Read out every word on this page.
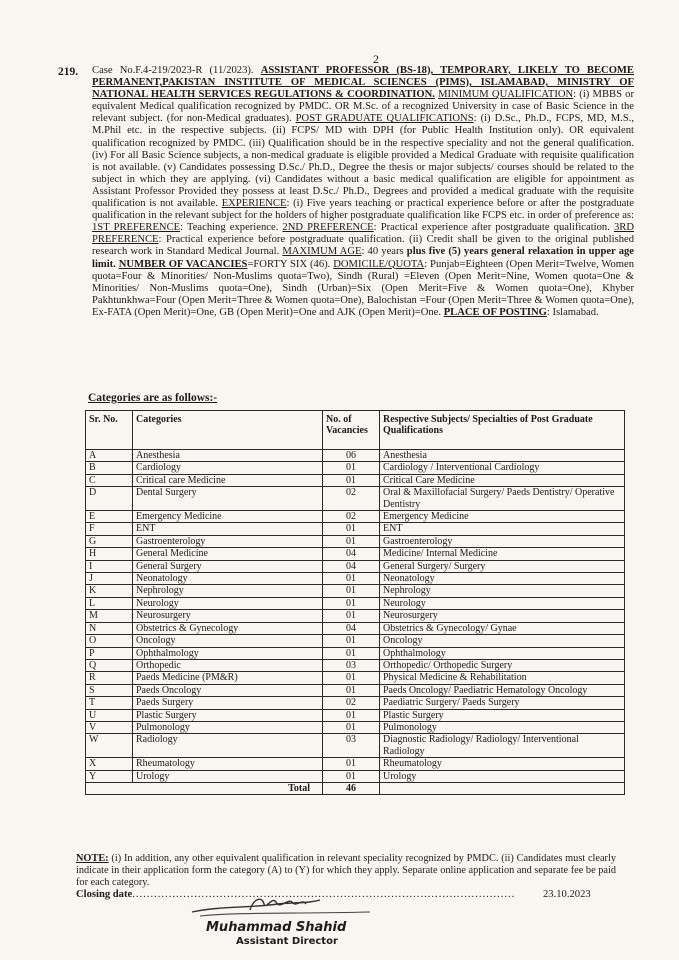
2
219. Case No.F.4-219/2023-R (11/2023). ASSISTANT PROFESSOR (BS-18), TEMPORARY, LIKELY TO BECOME PERMANENT,PAKISTAN INSTITUTE OF MEDICAL SCIENCES (PIMS), ISLAMABAD, MINISTRY OF NATIONAL HEALTH SERVICES REGULATIONS & COORDINATION. MINIMUM QUALIFICATION: (i) MBBS or equivalent Medical qualification recognized by PMDC. OR M.Sc. of a recognized University in case of Basic Science in the relevant subject. (for non-Medical graduates). POST GRADUATE QUALIFICATIONS: (i) D.Sc., Ph.D., FCPS, MD, M.S., M.Phil etc. in the respective subjects. (ii) FCPS/ MD with DPH (for Public Health Institution only). OR equivalent qualification recognized by PMDC. (iii) Qualification should be in the respective speciality and not the general qualification. (iv) For all Basic Science subjects, a non-medical graduate is eligible provided a Medical Graduate with requisite qualification is not available. (v) Candidates possessing D.Sc./ Ph.D., Degree the thesis or major subjects/ courses should be related to the subject in which they are applying. (vi) Candidates without a basic medical qualification are eligible for appointment as Assistant Professor Provided they possess at least D.Sc./ Ph.D., Degrees and provided a medical graduate with the requisite qualification is not available. EXPERIENCE: (i) Five years teaching or practical experience before or after the postgraduate qualification in the relevant subject for the holders of higher postgraduate qualification like FCPS etc. in order of preference as: 1ST PREFERENCE: Teaching experience. 2ND PREFERENCE: Practical experience after postgraduate qualification. 3RD PREFERENCE: Practical experience before postgraduate qualification. (ii) Credit shall be given to the original published research work in Standard Medical Journal. MAXIMUM AGE: 40 years plus five (5) years general relaxation in upper age limit. NUMBER OF VACANCIES=FORTY SIX (46). DOMICILE/QUOTA: Punjab=Eighteen (Open Merit=Twelve, Women quota=Four & Minorities/ Non-Muslims quota=Two), Sindh (Rural) =Eleven (Open Merit=Nine, Women quota=One & Minorities/ Non-Muslims quota=One), Sindh (Urban)=Six (Open Merit=Five & Women quota=One), Khyber Pakhtunkhwa=Four (Open Merit=Three & Women quota=One), Balochistan =Four (Open Merit=Three & Women quota=One), Ex-FATA (Open Merit)=One, GB (Open Merit)=One and AJK (Open Merit)=One. PLACE OF POSTING: Islamabad.
Categories are as follows:-
Sr. No.	Categories	No. of Vacancies	Respective Subjects/ Specialties of Post Graduate Qualifications
A	Anesthesia	06	Anesthesia
B	Cardiology	01	Cardiology / Interventional Cardiology
C	Critical care Medicine	01	Critical Care Medicine
D	Dental Surgery	02	Oral & Maxillofacial Surgery/ Paeds Dentistry/ Operative Dentistry
E	Emergency Medicine	02	Emergency Medicine
F	ENT	01	ENT
G	Gastroenterology	01	Gastroenterology
H	General Medicine	04	Medicine/ Internal Medicine
I	General Surgery	04	General Surgery/ Surgery
J	Neonatology	01	Neonatology
K	Nephrology	01	Nephrology
L	Neurology	01	Neurology
M	Neurosurgery	01	Neurosurgery
N	Obstetrics & Gynecology	04	Obstetrics & Gynecology/ Gynae
O	Oncology	01	Oncology
P	Ophthalmology	01	Ophthalmology
Q	Orthopedic	03	Orthopedic/ Orthopedic Surgery
R	Paeds Medicine (PM&R)	01	Physical Medicine & Rehabilitation
S	Paeds Oncology	01	Paeds Oncology/ Paediatric Hematology Oncology
T	Paeds Surgery	02	Paediatric Surgery/ Paeds Surgery
U	Plastic Surgery	01	Plastic Surgery
V	Pulmonology	01	Pulmonology
W	Radiology	03	Diagnostic Radiology/ Radiology/ Interventional Radiology
X	Rheumatology	01	Rheumatology
Y	Urology	01	Urology
Total		46	
NOTE: (i) In addition, any other equivalent qualification in relevant speciality recognized by PMDC. (ii) Candidates must clearly indicate in their application form the category (A) to (Y) for which they apply. Separate online application and separate fee be paid for each category.
Closing date.........................................................................................................	23.10.2023
Muhammad Shahid
Assistant Director
